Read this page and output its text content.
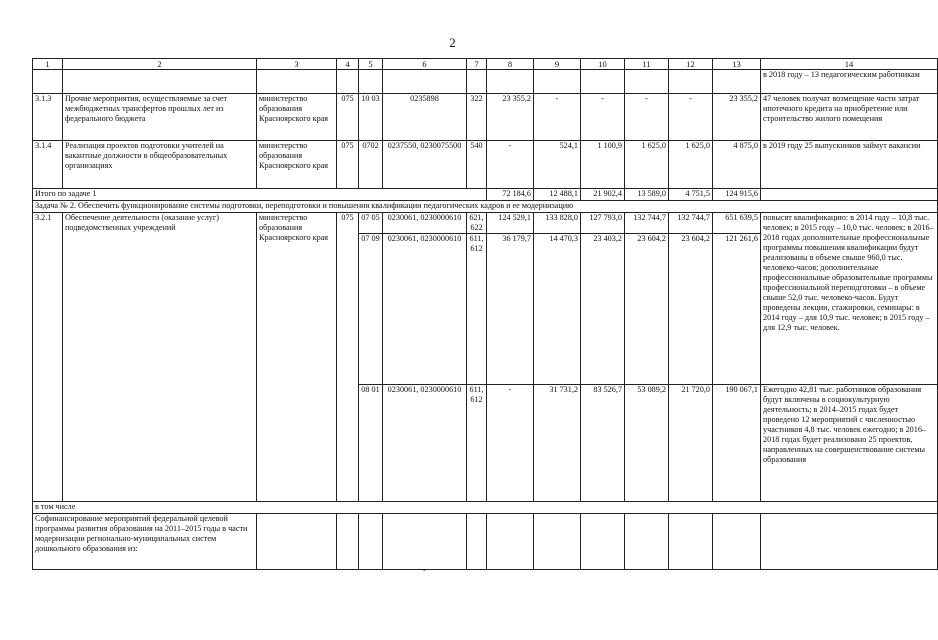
2
1	2	3	4	5	6	7	8	9	10	11	12	13	14
													в 2018 году – 13 педагогическим работникам
3.1.3	Прочие мероприятия, осуществляемые за счет межбюджетных трансфертов прошлых лет из федерального бюджета	министерство образования Красноярского края	075	10 03	0235898	322	23 355,2	-	-	-	-	23 355,2	47 человек получат возмещение части затрат ипотечного кредита на приобретение или строительство жилого помещения
3.1.4	Реализация проектов подготовки учителей на вакантные должности в общеобразовательных организациях	министерство образования Красноярского края	075	0702	0237550, 0230075500	540	-	524,1	1 100,9	1 625,0	1 625,0	4 875,0	в 2019 году 25 выпускников займут вакансии
Итого по задаче 1							72 184,6	12 488,1	21 902,4	13 589,0	4 751,5	124 915,6	
Задача № 2. Обеспечить функционирование системы подготовки, переподготовки и повышения квалификации педагогических кадров и ее модернизацию													
3.2.1	Обеспечение деятельности (оказание услуг) подведомственных учреждений	министерство образования Красноярского края	075	07 05	0230061, 0230000610	621, 622	124 529,1	133 828,0	127 793,0	132 744,7	132 744,7	651 639,5	повысят квалификацию: в 2014 году – 10,8 тыс. человек; в 2015 году – 10,0 тыс. человек; в 2016–2018 годах дополнительные профессиональные программы повышения квалификации будут реализованы в объеме свыше 960,0 тыс. человеко-часов; дополнительные профессиональные образовательные программы профессиональной переподготовки – в объеме свыше 52,0 тыс. человеко-часов. Будут проведены лекции, стажировки, семинары: в 2014 году – для 10,9 тыс. человек; в 2015 году – для 12,9 тыс. человек.
				07 09	0230061, 0230000610	611, 612	36 179,7	14 470,3	23 403,2	23 604,2	23 604,2	121 261,6	
				08 01	0230061, 0230000610	611, 612	-	31 731,2	83 526,7	53 089,2	21 720,0	190 067,1	Ежегодно 42,81 тыс. работников образования будут включены в социокультурную деятельность; в 2014–2015 годах будет проведено 12 мероприятий с численностью участников 4,8 тыс. человек ежегодно; в 2016–2018 годах будет реализовано 25 проектов, направленных на совершенствование системы образования
в том числе													
Софинансирование мероприятий федеральной целевой программы развития образования на 2011–2015 годы в части модернизации регионально-муниципальных систем дошкольного образования из:													
.
